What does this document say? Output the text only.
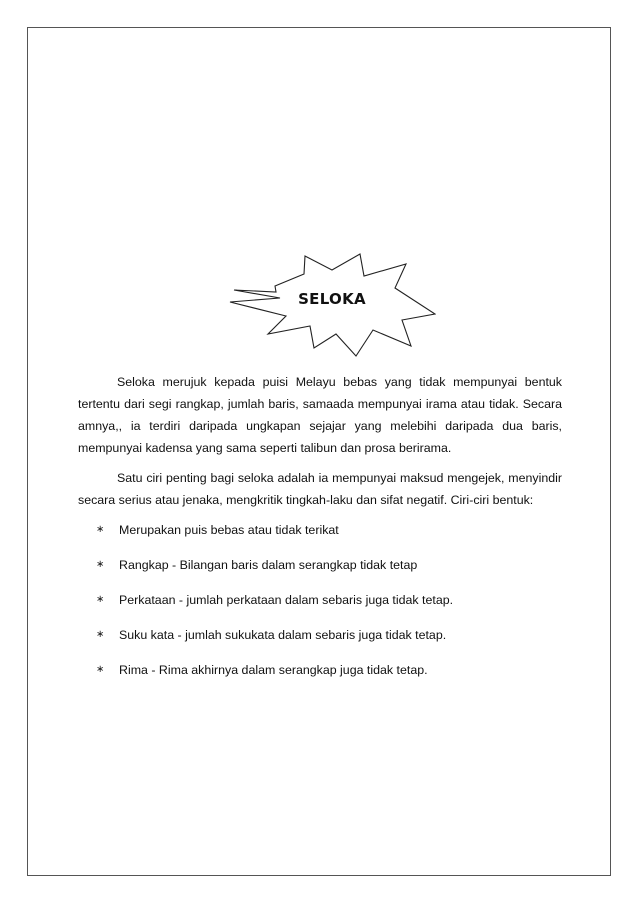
SELOKA

Seloka merujuk kepada puisi Melayu bebas yang tidak mempunyai bentuk tertentu dari segi rangkap, jumlah baris, samaada mempunyai irama atau tidak. Secara amnya,, ia terdiri daripada ungkapan sejajar yang melebihi daripada dua baris, mempunyai kadensa yang sama seperti talibun dan prosa berirama.

Satu ciri penting bagi seloka adalah ia mempunyai maksud mengejek, menyindir secara serius atau jenaka, mengkritik tingkah-laku dan sifat negatif. Ciri-ciri bentuk:

∗ Merupakan puis bebas atau tidak terikat
∗ Rangkap - Bilangan baris dalam serangkap tidak tetap
∗ Perkataan - jumlah perkataan dalam sebaris juga tidak tetap.
∗ Suku kata - jumlah sukukata dalam sebaris juga tidak tetap.
∗ Rima - Rima akhirnya dalam serangkap juga tidak tetap.
